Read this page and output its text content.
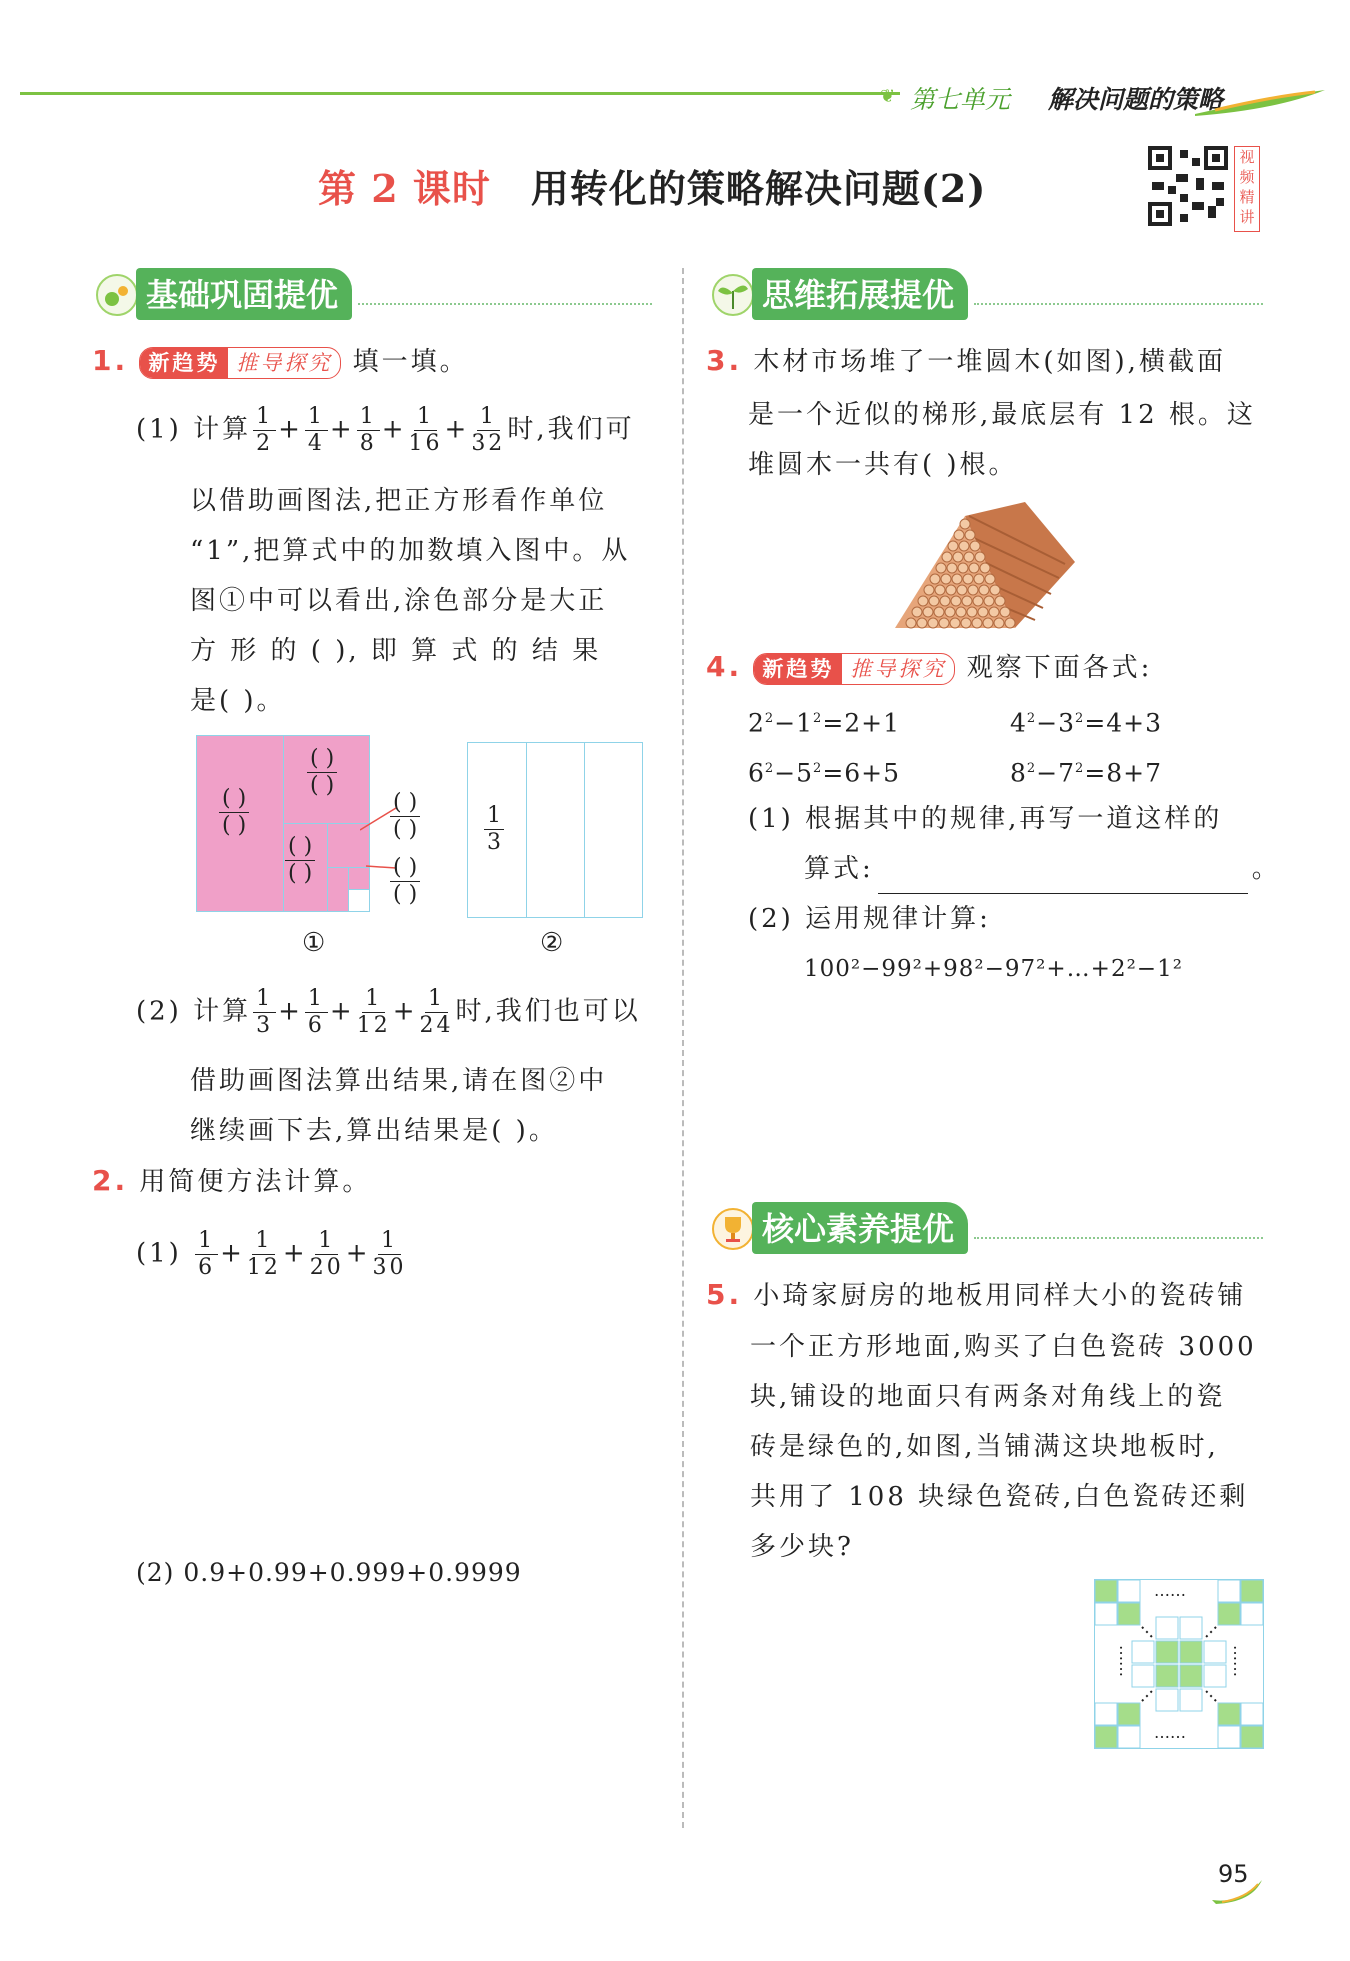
❦ 第七单元 解决问题的策略
第 2 课时 用转化的策略解决问题(2)
视频精讲
基础巩固提优
1. 新趋势 推导探究 填一填。
(1) 计算 $\frac{1}{2} + \frac{1}{4} + \frac{1}{8} + \frac{1}{16} + \frac{1}{32}$ 时,我们可
以借助画图法,把正方形看作单位
“1”,把算式中的加数填入图中。从
图①中可以看出,涂色部分是大正
方 形 的 ( ), 即 算 式 的 结 果
是( )。
$\frac{( )}{( )}$
$\frac{( )}{( )}$
$\frac{( )}{( )}$
$\frac{( )}{( )}$
$\frac{( )}{( )}$
①
$\frac{1}{3}$
②
(2) 计算 $\frac{1}{3} + \frac{1}{6} + \frac{1}{12} + \frac{1}{24}$ 时,我们也可以
借助画图法算出结果,请在图②中
继续画下去,算出结果是( )。
2. 用简便方法计算。
$(1) \frac{1}{6} + \frac{1}{12} + \frac{1}{20} + \frac{1}{30}$
(2) 0.9+0.99+0.999+0.9999
思维拓展提优
3. 木材市场堆了一堆圆木(如图),横截面
是一个近似的梯形,最底层有 12 根。这
堆圆木一共有( )根。
4. 新趋势 推导探究 观察下面各式:
$2^2-1^2=2+1$	$4^2-3^2=4+3$
$6^2-5^2=6+5$	$8^2-7^2=8+7$
(1) 根据其中的规律,再写一道这样的
算式:	。
(2) 运用规律计算:
100²−99²+98²−97²+…+2²−1²
核心素养提优
5. 小琦家厨房的地板用同样大小的瓷砖铺
一个正方形地面,购买了白色瓷砖 3000
块,铺设的地面只有两条对角线上的瓷
砖是绿色的,如图,当铺满这块地板时,
共用了 108 块绿色瓷砖,白色瓷砖还剩
多少块?
……
……
……	……
95
